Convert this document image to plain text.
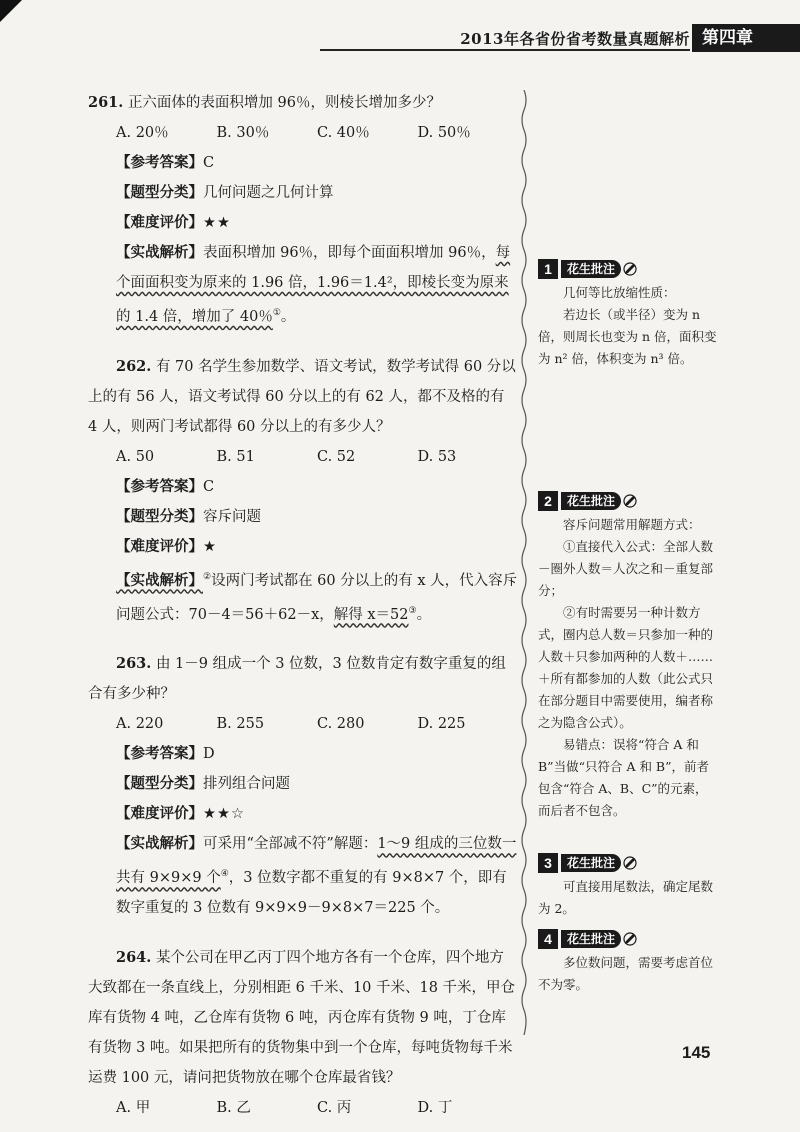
2013年各省份省考数量真题解析 第四章
261. 正六面体的表面积增加 96％，则棱长增加多少？
A. 20％	B. 30％	C. 40％	D. 50％
【参考答案】C
【题型分类】几何问题之几何计算
【难度评价】★★
【实战解析】表面积增加 96％，即每个面面积增加 96％，每个面面积变为原来的 1.96 倍，1.96＝1.4²，即棱长变为原来的 1.4 倍，增加了 40％①。
262. 有 70 名学生参加数学、语文考试，数学考试得 60 分以上的有 56 人，语文考试得 60 分以上的有 62 人，都不及格的有 4 人，则两门考试都得 60 分以上的有多少人？
A. 50	B. 51	C. 52	D. 53
【参考答案】C
【题型分类】容斥问题
【难度评价】★
【实战解析】②设两门考试都在 60 分以上的有 x 人，代入容斥问题公式：70－4＝56＋62－x，解得 x＝52③。
263. 由 1－9 组成一个 3 位数，3 位数肯定有数字重复的组合有多少种？
A. 220	B. 255	C. 280	D. 225
【参考答案】D
【题型分类】排列组合问题
【难度评价】★★☆
【实战解析】可采用“全部减不符”解题：1～9 组成的三位数一共有 9×9×9 个④，3 位数字都不重复的有 9×8×7 个，即有数字重复的 3 位数有 9×9×9－9×8×7＝225 个。
264. 某个公司在甲乙丙丁四个地方各有一个仓库，四个地方大致都在一条直线上，分别相距 6 千米、10 千米、18 千米，甲仓库有货物 4 吨，乙仓库有货物 6 吨，丙仓库有货物 9 吨，丁仓库有货物 3 吨。如果把所有的货物集中到一个仓库，每吨货物每千米运费 100 元，请问把货物放在哪个仓库最省钱？
A. 甲	B. 乙	C. 丙	D. 丁
1	花生批注

几何等比放缩性质：

若边长（或半径）变为 n 倍，则周长也变为 n 倍，面积变为 n² 倍，体积变为 n³ 倍。

2	花生批注

容斥问题常用解题方式：

①直接代入公式：全部人数－圈外人数＝人次之和－重复部分；

②有时需要另一种计数方式，圈内总人数＝只参加一种的人数＋只参加两种的人数＋……＋所有都参加的人数（此公式只在部分题目中需要使用，编者称之为隐含公式）。

易错点：误将“符合 A 和 B”当做“只符合 A 和 B”，前者包含“符合 A、B、C”的元素，而后者不包含。

3	花生批注

可直接用尾数法，确定尾数为 2。

4	花生批注

多位数问题，需要考虑首位不为零。

145
